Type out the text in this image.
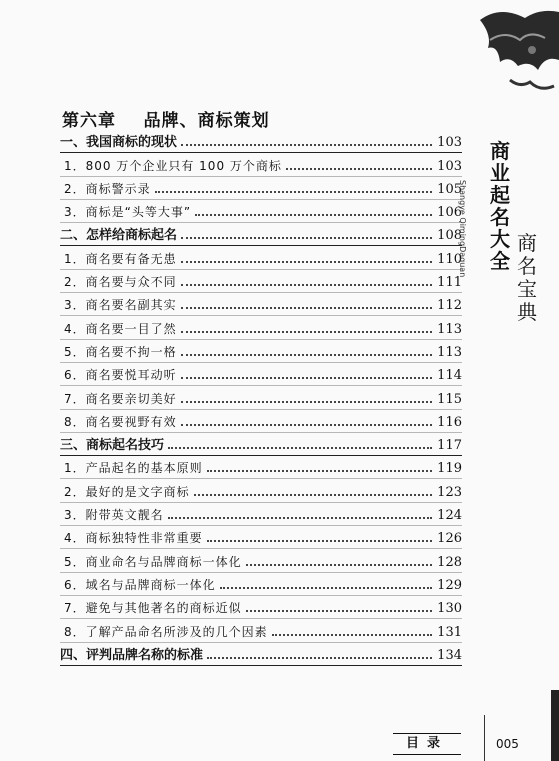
第六章    品牌、商标策划
一、我国商标的现状	103
1．800 万个企业只有 100 万个商标	103
2．商标警示录	105
3．商标是“头等大事”	106
二、怎样给商标起名	108
1．商名要有备无患	110
2．商名要与众不同	111
3．商名要名副其实	112
4．商名要一目了然	113
5．商名要不拘一格	113
6．商名要悦耳动听	114
7．商名要亲切美好	115
8．商名要视野有效	116
三、商标起名技巧	117
1．产品起名的基本原则	119
2．最好的是文字商标	123
3．附带英文靓名	124
4．商标独特性非常重要	126
5．商业命名与品牌商标一体化	128
6．域名与品牌商标一体化	129
7．避免与其他著名的商标近似	130
8．了解产品命名所涉及的几个因素	131
四、评判品牌名称的标准	134
商
业
起
名
大
全
Shangye QimingDaquan	商
名
宝
典
目录	005
